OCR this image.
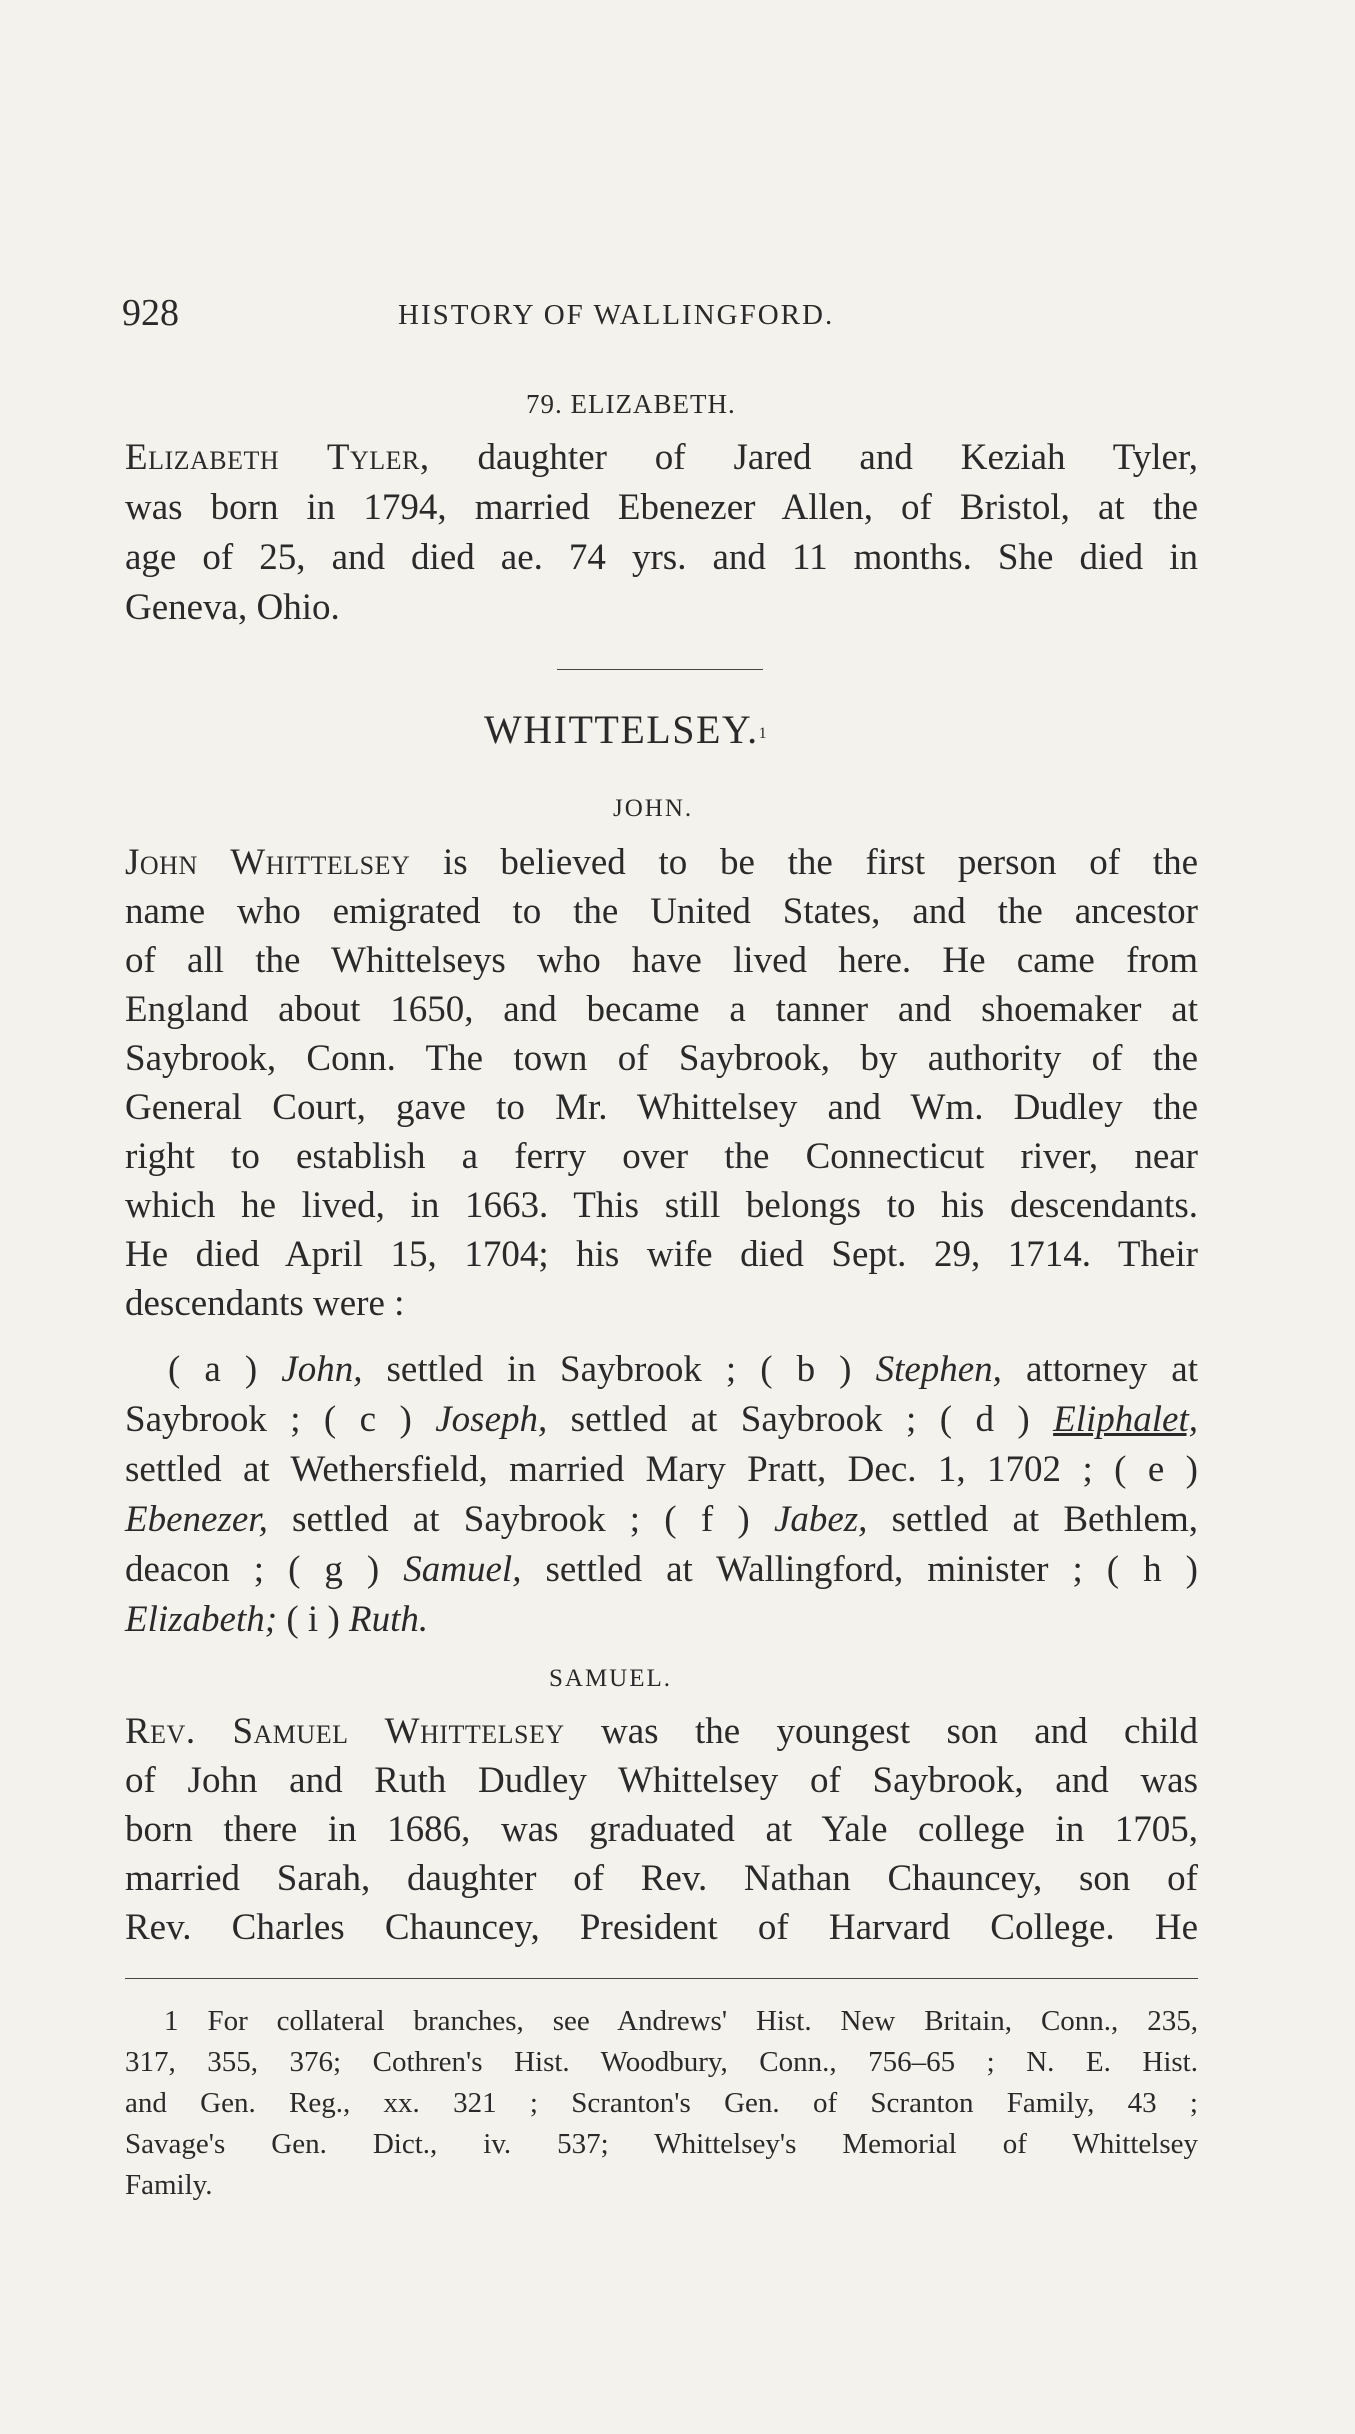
928	HISTORY OF WALLINGFORD.
79. ELIZABETH.
Elizabeth Tyler, daughter of Jared and Keziah Tyler,
was born in 1794, married Ebenezer Allen, of Bristol, at the
age of 25, and died ae. 74 yrs. and 11 months. She died in
Geneva, Ohio.
WHITTELSEY.$^1$
JOHN.
John Whittelsey is believed to be the first person of the
name who emigrated to the United States, and the ancestor
of all the Whittelseys who have lived here. He came from
England about 1650, and became a tanner and shoemaker at
Saybrook, Conn. The town of Saybrook, by authority of the
General Court, gave to Mr. Whittelsey and Wm. Dudley the
right to establish a ferry over the Connecticut river, near
which he lived, in 1663. This still belongs to his descendants.
He died April 15, 1704; his wife died Sept. 29, 1714. Their
descendants were :
( a ) John, settled in Saybrook ; ( b ) Stephen, attorney at
Saybrook ; ( c ) Joseph, settled at Saybrook ; ( d ) Eliphalet,
settled at Wethersfield, married Mary Pratt, Dec. 1, 1702 ; ( e )
Ebenezer, settled at Saybrook ; ( f ) Jabez, settled at Bethlem,
deacon ; ( g ) Samuel, settled at Wallingford, minister ; ( h )
Elizabeth; ( i ) Ruth.
SAMUEL.
Rev. Samuel Whittelsey was the youngest son and child
of John and Ruth Dudley Whittelsey of Saybrook, and was
born there in 1686, was graduated at Yale college in 1705,
married Sarah, daughter of Rev. Nathan Chauncey, son of
Rev. Charles Chauncey, President of Harvard College. He
1 For collateral branches, see Andrews' Hist. New Britain, Conn., 235,
317, 355, 376; Cothren's Hist. Woodbury, Conn., 756–65 ; N. E. Hist.
and Gen. Reg., xx. 321 ; Scranton's Gen. of Scranton Family, 43 ;
Savage's Gen. Dict., iv. 537; Whittelsey's Memorial of Whittelsey
Family.
